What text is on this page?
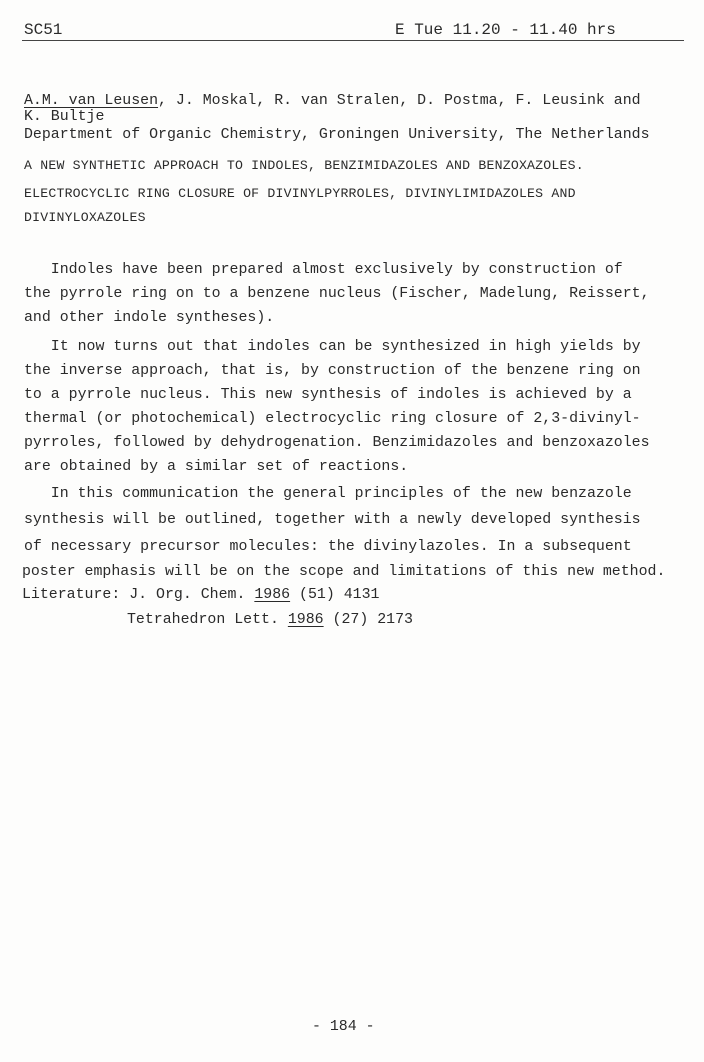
SC51	E Tue 11.20 - 11.40 hrs
A.M. van Leusen, J. Moskal, R. van Stralen, D. Postma, F. Leusink and
K. Bultje
Department of Organic Chemistry, Groningen University, The Netherlands
A NEW SYNTHETIC APPROACH TO INDOLES, BENZIMIDAZOLES AND BENZOXAZOLES.
ELECTROCYCLIC RING CLOSURE OF DIVINYLPYRROLES, DIVINYLIMIDAZOLES AND
DIVINYLOXAZOLES
Indoles have been prepared almost exclusively by construction of
the pyrrole ring on to a benzene nucleus (Fischer, Madelung, Reissert,
and other indole syntheses).
It now turns out that indoles can be synthesized in high yields by
the inverse approach, that is, by construction of the benzene ring on
to a pyrrole nucleus. This new synthesis of indoles is achieved by a
thermal (or photochemical) electrocyclic ring closure of 2,3-divinyl-
pyrroles, followed by dehydrogenation. Benzimidazoles and benzoxazoles
are obtained by a similar set of reactions.
In this communication the general principles of the new benzazole
synthesis will be outlined, together with a newly developed synthesis
of necessary precursor molecules: the divinylazoles. In a subsequent
poster emphasis will be on the scope and limitations of this new method.
Literature: J. Org. Chem. 1986 (51) 4131
Tetrahedron Lett. 1986 (27) 2173
- 184 -
